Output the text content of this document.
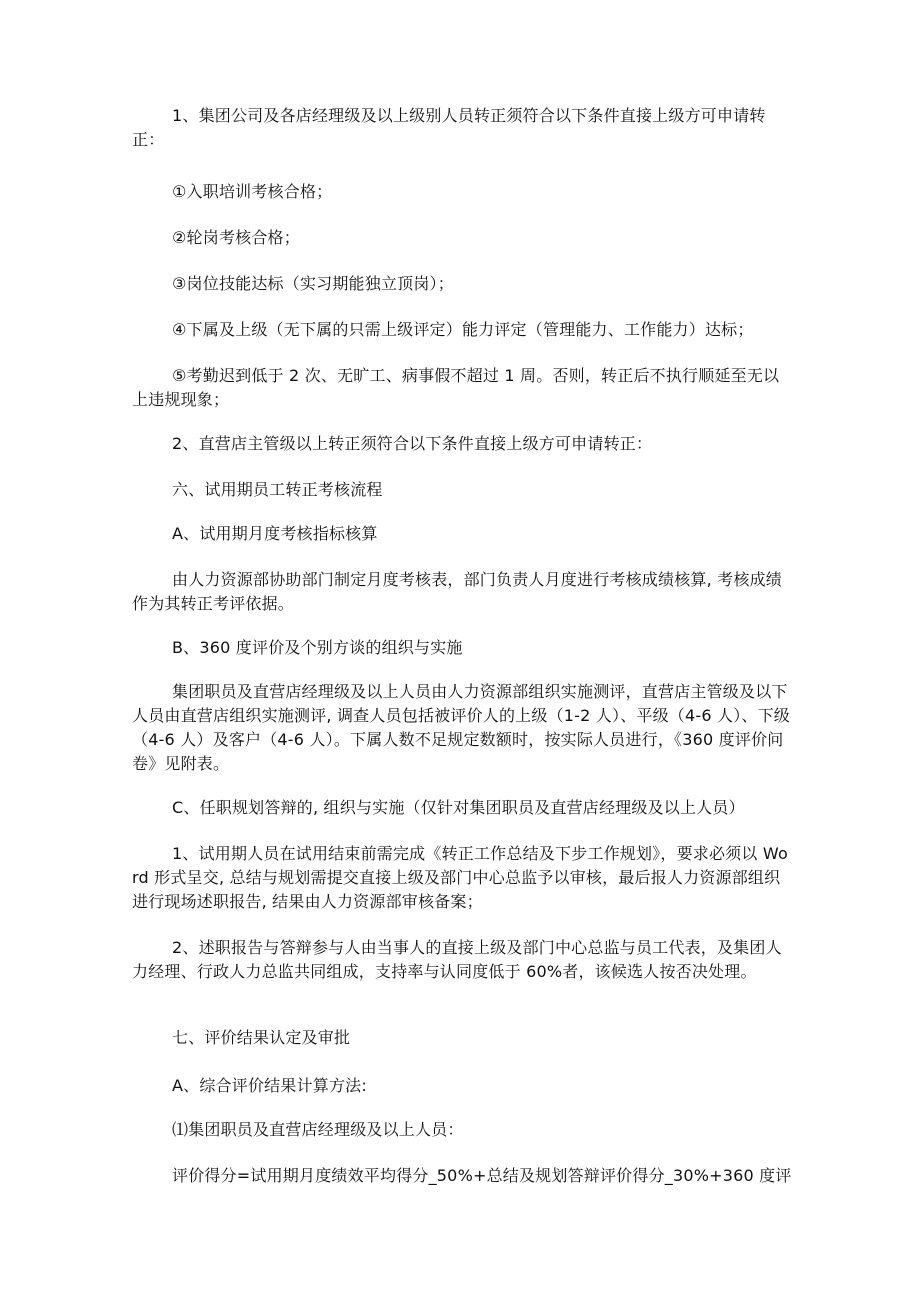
1、集团公司及各店经理级及以上级别人员转正须符合以下条件直接上级方可申请转正：

①入职培训考核合格；

②轮岗考核合格；

③岗位技能达标（实习期能独立顶岗）；

④下属及上级（无下属的只需上级评定）能力评定（管理能力、工作能力）达标；

⑤考勤迟到低于 2 次、无旷工、病事假不超过 1 周。否则，转正后不执行顺延至无以上违规现象；

2、直营店主管级以上转正须符合以下条件直接上级方可申请转正：

六、试用期员工转正考核流程

A、试用期月度考核指标核算

由人力资源部协助部门制定月度考核表，部门负责人月度进行考核成绩核算, 考核成绩作为其转正考评依据。

B、360 度评价及个别方谈的组织与实施

集团职员及直营店经理级及以上人员由人力资源部组织实施测评，直营店主管级及以下人员由直营店组织实施测评, 调查人员包括被评价人的上级（1-2 人）、平级（4-6 人）、下级（4-6 人）及客户（4-6 人）。下属人数不足规定数额时，按实际人员进行，《360 度评价问卷》见附表。

C、任职规划答辩的, 组织与实施（仅针对集团职员及直营店经理级及以上人员）

1、试用期人员在试用结束前需完成《转正工作总结及下步工作规划》，要求必须以 Word 形式呈交, 总结与规划需提交直接上级及部门中心总监予以审核，最后报人力资源部组织进行现场述职报告, 结果由人力资源部审核备案；

2、述职报告与答辩参与人由当事人的直接上级及部门中心总监与员工代表，及集团人力经理、行政人力总监共同组成，支持率与认同度低于 60%者，该候选人按否决处理。

七、评价结果认定及审批

A、综合评价结果计算方法:

⑴集团职员及直营店经理级及以上人员：

评价得分=试用期月度绩效平均得分_50%+总结及规划答辩评价得分_30%+360 度评
